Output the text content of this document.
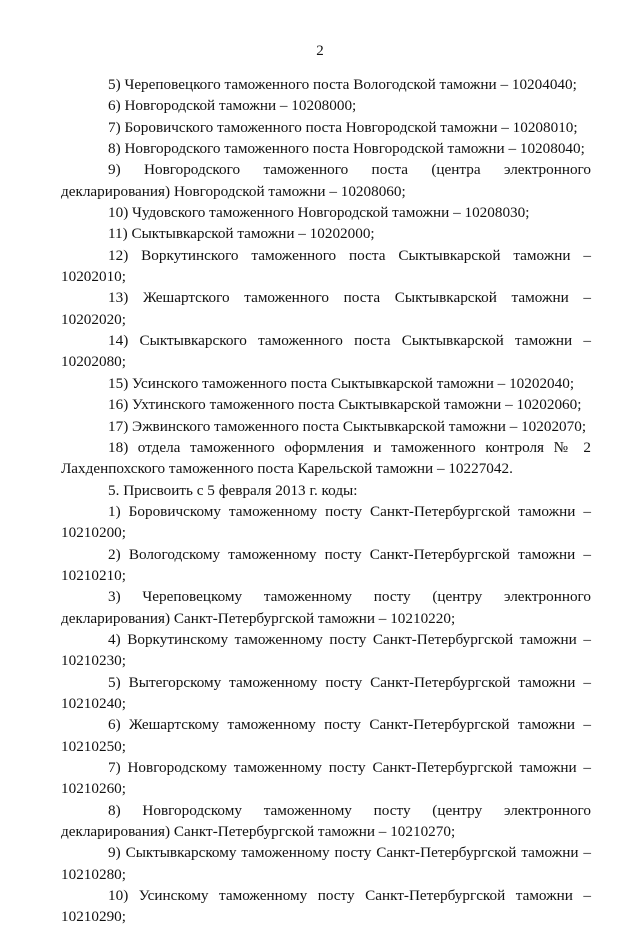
2

5) Череповецкого таможенного поста Вологодской таможни – 10204040;

6) Новгородской таможни – 10208000;

7) Боровичского таможенного поста Новгородской таможни – 10208010;

8) Новгородского таможенного поста Новгородской таможни – 10208040;

9) Новгородского таможенного поста (центра электронного

декларирования) Новгородской таможни – 10208060;

10) Чудовского таможенного Новгородской таможни – 10208030;

11) Сыктывкарской таможни – 10202000;

12) Воркутинского таможенного поста Сыктывкарской таможни – 10202010;

13) Жешартского таможенного поста Сыктывкарской таможни – 10202020;

14) Сыктывкарского таможенного поста Сыктывкарской таможни –

10202080;

15) Усинского таможенного поста Сыктывкарской таможни – 10202040;

16) Ухтинского таможенного поста Сыктывкарской таможни – 10202060;

17) Эжвинского таможенного поста Сыктывкарской таможни – 10202070;

18) отдела таможенного оформления и таможенного контроля № 2

Лахденпохского таможенного поста Карельской таможни – 10227042.

5. Присвоить с 5 февраля 2013 г. коды:

1) Боровичскому таможенному посту Санкт-Петербургской таможни –

10210200;

2) Вологодскому таможенному посту Санкт-Петербургской таможни –

10210210;

3) Череповецкому таможенному посту (центру электронного

декларирования) Санкт-Петербургской таможни – 10210220;

4) Воркутинскому таможенному посту Санкт-Петербургской таможни –

10210230;

5) Вытегорскому таможенному посту Санкт-Петербургской таможни –

10210240;

6) Жешартскому таможенному посту Санкт-Петербургской таможни –

10210250;

7) Новгородскому таможенному посту Санкт-Петербургской таможни –

10210260;

8) Новгородскому таможенному посту (центру электронного

декларирования) Санкт-Петербургской таможни – 10210270;

9) Сыктывкарскому таможенному посту Санкт-Петербургской таможни –

10210280;

10) Усинскому таможенному посту Санкт-Петербургской таможни –

10210290;
